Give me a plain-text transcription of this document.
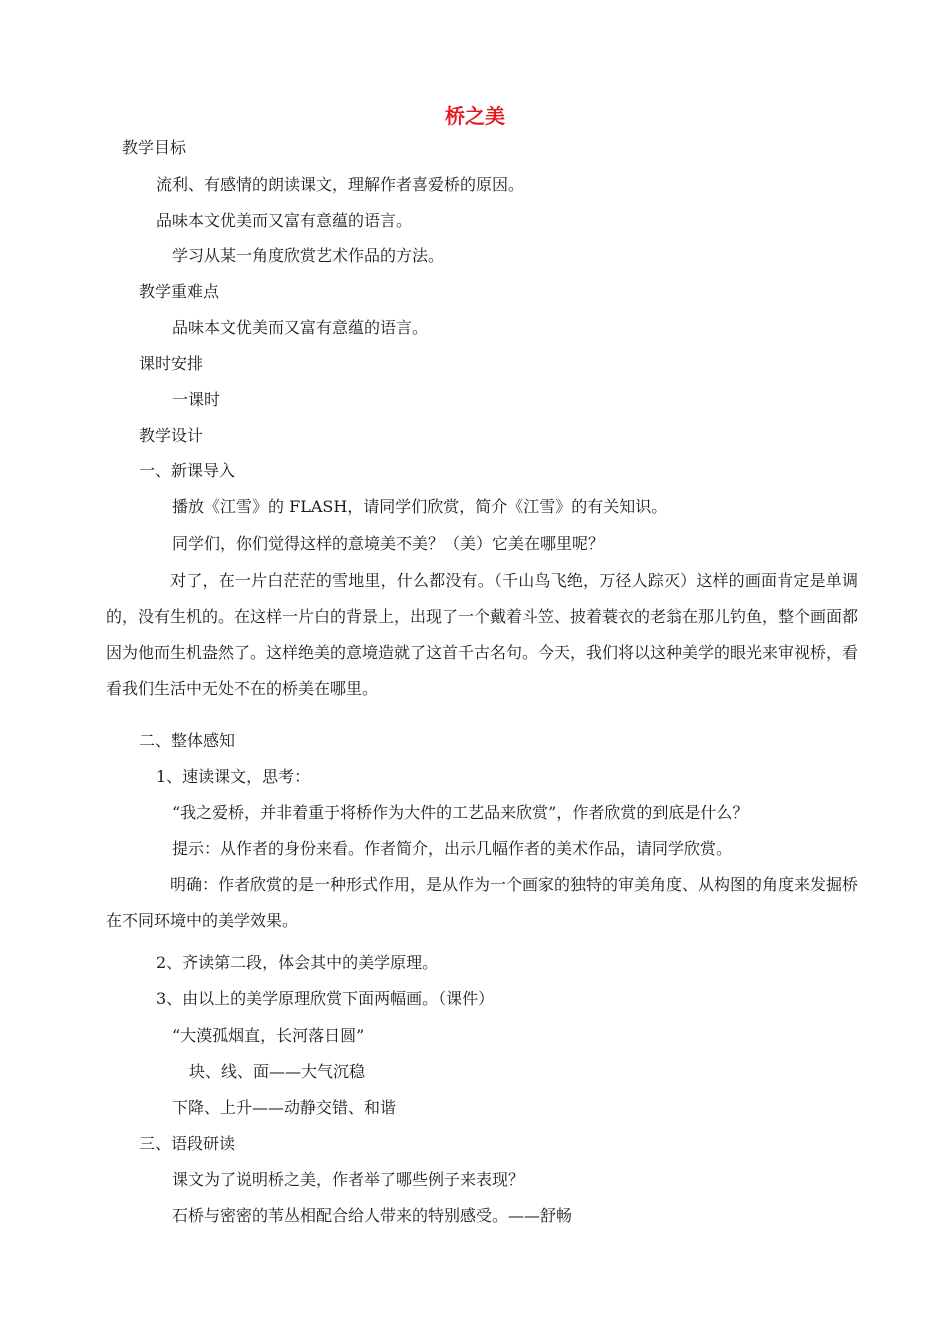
桥之美

教学目标

流利、有感情的朗读课文，理解作者喜爱桥的原因。

品味本文优美而又富有意蕴的语言。

学习从某一角度欣赏艺术作品的方法。

教学重难点

品味本文优美而又富有意蕴的语言。

课时安排

一课时

教学设计

一、新课导入

播放《江雪》的 FLASH，请同学们欣赏，简介《江雪》的有关知识。

同学们，你们觉得这样的意境美不美？（美）它美在哪里呢？

对了，在一片白茫茫的雪地里，什么都没有。（千山鸟飞绝，万径人踪灭）这样的画面肯定是单调的，没有生机的。在这样一片白的背景上，出现了一个戴着斗笠、披着蓑衣的老翁在那儿钓鱼，整个画面都因为他而生机盎然了。这样绝美的意境造就了这首千古名句。今天，我们将以这种美学的眼光来审视桥，看看我们生活中无处不在的桥美在哪里。

二、整体感知

1、速读课文，思考：

“我之爱桥，并非着重于将桥作为大件的工艺品来欣赏”，作者欣赏的到底是什么？

提示：从作者的身份来看。作者简介，出示几幅作者的美术作品，请同学欣赏。

明确：作者欣赏的是一种形式作用，是从作为一个画家的独特的审美角度、从构图的角度来发掘桥在不同环境中的美学效果。

2、齐读第二段，体会其中的美学原理。

3、由以上的美学原理欣赏下面两幅画。（课件）

“大漠孤烟直，长河落日圆”

块、线、面——大气沉稳

下降、上升——动静交错、和谐

三、语段研读

课文为了说明桥之美，作者举了哪些例子来表现？

石桥与密密的苇丛相配合给人带来的特别感受。——舒畅
